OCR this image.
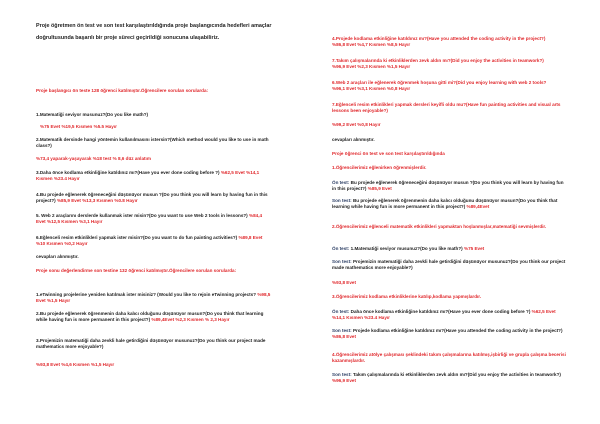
Proje öğretmen ön test ve son test karşılaştırıldığında proje başlangıcında hedefleri amaçlar doğrultusunda başarılı bir proje süreci geçirildiği sonucuna ulaşabiliriz.
Proje başlangıcı ön teste 128 öğrenci katılmıştır.Öğrencilere sorulan sorularda:
1.Matematiği seviyor musunuz?(Do you like math?)
%75 Evet %19,5 Kısmen %5.5 Hayır
2.Matematik dersinde hangi yöntemin kullanılmasını istersin?(Which method would you like to use in math class?)
%73,4 yaparak-yaşayarak %18 test % 8,6 düz anlatım
3.Daha önce kodlama etkinliğine katıldınız mı?(Have you ever done coding before ?) %62,5 Evet %14,1 Kısmen %23.4 Hayır
4.Bu projede eğlenerek öğreneceğini düşünüyor musun ?(Do you think you will learn by having fun in this project?) %85,9 Evet %13,3 Kısmen %0.8 Hayır
5. Web 2 araçlarını derslerde kullanmak ister misin?(Do you want to use Web 2 tools in lessons?) %84,4 Evet %12,5 Kısmen %3,1 Hayır
6.Eğlenceli resim etkinlikleri yapmak ister misin?(Do you want to do fun painting activities?) %89,8 Evet %10 Kısmen %0,2 Hayır
cevapları alınmıştır.
Proje sonu değerlendirme son testine 132 öğrenci katılmıştır.Öğrencilere sorulan sorularda:
1.eTwinning projelerine yeniden katılmak ister misiniz? (Would you like to rejoin eTwinning projects? %98,5 Evet %1,5 Hayır
2.Bu projede eğlenerek öğrenmenin daha kalıcı olduğunu düşünüyor musun?(Do you think that learning while having fun is more permanent in this project?) %89,4Evet %2,3 Kısmen % 2,3 Hayır
3.Projemizin matematiği daha zevkli hale getirdiğini düşünüyor musunuz?(Do you think our project made mathematics more enjoyable?)
%93,8 Evet %4,6 Kısmen %1,5 Hayır
4.Projede kodlama etkinliğine katıldınız mı?(Have you attended the coding activity in the project?)
%86,8 Evet %4,7 Kısmen %8,5 Hayır
7.Takım çalışmalarında ki etkinliklerden zevk aldın mı?(Did you enjoy the activities in teamwork?)
%96,9 Evet %2,3 Kısmen %1,5 Hayır
6.Web 2 araçları ile eğlenerek öğrenmek hoşuna gitti mi?(Did you enjoy learning with web 2 tools?
%96,1 Evet %3,1 Kısmen %0,8 Hayır
7.Eğlenceli resim etkinlikleri yapmak dersleri keyifli oldu mu?(Have fun painting activities and visual arts lessons been enjoyable?)
%99,2 Evet %0,8 Hayır
cevapları alınmıştır.
Proje öğrenci ön test ve son test karşılaştırıldığında
1.Öğrencilerimiz eğlenirken öğrenmişlerdir.
Ön test: Bu projede eğlenerek öğreneceğini düşünüyor musun ?(Do you think you will learn by having fun in this project?) %85,9 Evet
Son test: Bu projede eğlenerek öğrenmenin daha kalıcı olduğunu düşünüyor musun?(Do you think that learning while having fun is more permanent in this project?) %89,4Evet
2.Öğrencilerimiz eğlenceli matematik etkinlikleri yapmaktan hoşlanmışlar,matematiği sevmişlerdir.
Ön test: 1.Matematiği seviyor musunuz?(Do you like math?) %75 Evet
Son test: Projemizin matematiği daha zevkli hale getirdiğini düşünüyor musunuz?(Do you think our project made mathematics more enjoyable?)
%93,8 Evet
3.Öğrencilerimiz kodlama etkinliklerine katılıp,kodlama yapmışlardır.
Ön test: Daha önce kodlama etkinliğine katıldınız mı?(Have you ever done coding before ?) %62,5 Evet %14,1 Kısmen %23.4 Hayır
Son test: Projede kodlama etkinliğine katıldınız mı?(Have you attended the coding activity in the project?) %86,8 Evet
4.Öğrencilerimiz atölye çalışması şeklindeki takım çalışmalarına katılmış,işbirliği ve grupla çalışma becerisi kazanmışlardır.
Son test: Takım çalışmalarında ki etkinliklerden zevk aldın mı?(Did you enjoy the activities in teamwork?) %96,9 Evet
